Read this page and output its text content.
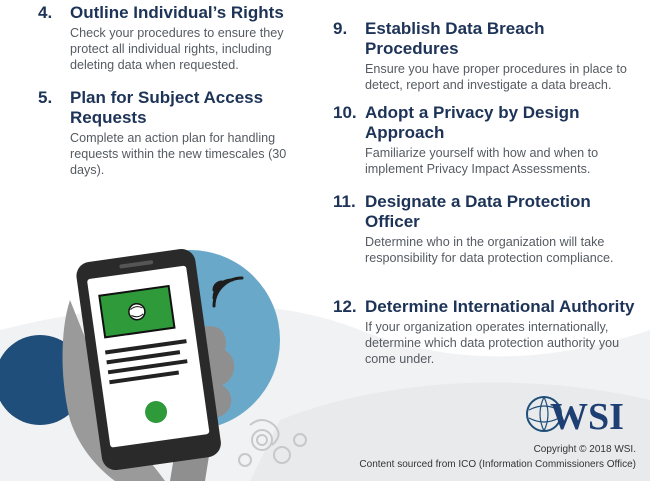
4. Outline Individual’s Rights
Check your procedures to ensure they protect all individual rights, including deleting data when requested.
5. Plan for Subject Access Requests
Complete an action plan for handling requests within the new timescales (30 days).
9. Establish Data Breach Procedures
Ensure you have proper procedures in place to detect, report and investigate a data breach.
10. Adopt a Privacy by Design Approach
Familiarize yourself with how and when to implement Privacy Impact Assessments.
11. Designate a Data Protection Officer
Determine who in the organization will take responsibility for data protection compliance.
12. Determine International Authority
If your organization operates internationally, determine which data protection authority you come under.
WSI
Copyright © 2018 WSI.
Content sourced from ICO (Information Commissioners Office)
